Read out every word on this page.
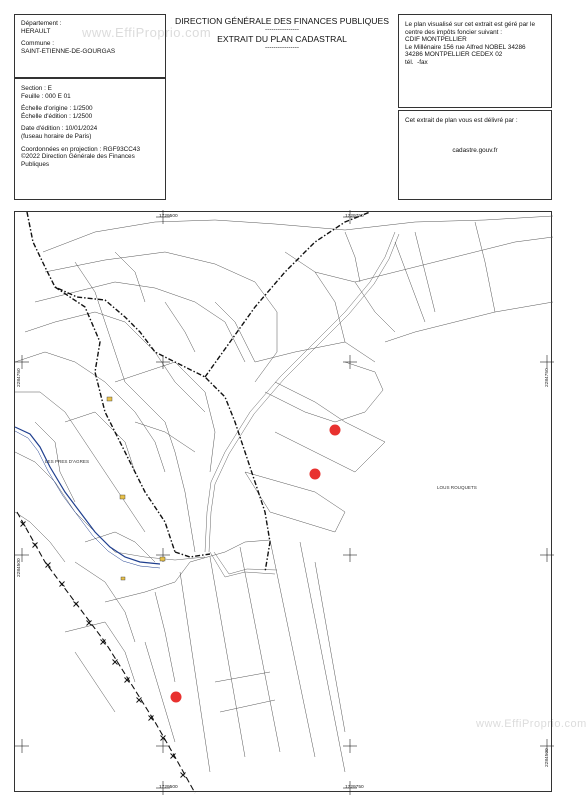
Département :
HERAULT
Commune :
SAINT-ETIENNE-DE-GOURGAS
DIRECTION GÉNÉRALE DES FINANCES PUBLIQUES
----------------
EXTRAIT DU PLAN CADASTRAL
----------------
www.EffiProprio.com
Le plan visualisé sur cet extrait est géré par le
centre des impôts foncier suivant :
CDIF MONTPELLIER
Le Millénaire 156 rue Alfred NOBEL 34286
34286 MONTPELLIER CEDEX 02
tél.  -fax
Section : E
Feuille : 000 E 01
Échelle d'origine : 1/2500
Échelle d'édition : 1/2500
Date d'édition : 10/01/2024
(fuseau horaire de Paris)
Coordonnées en projection : RGF93CC43
©2022 Direction Générale des Finances
Publiques
Cet extrait de plan vous est délivré par :
cadastre.gouv.fr
1729500	1729750
1729500	1729750
2284750
2284500
2284750
2284500
LES PRES D'AGRES
LOUS ROUQUETS
www.EffiProprio.com
